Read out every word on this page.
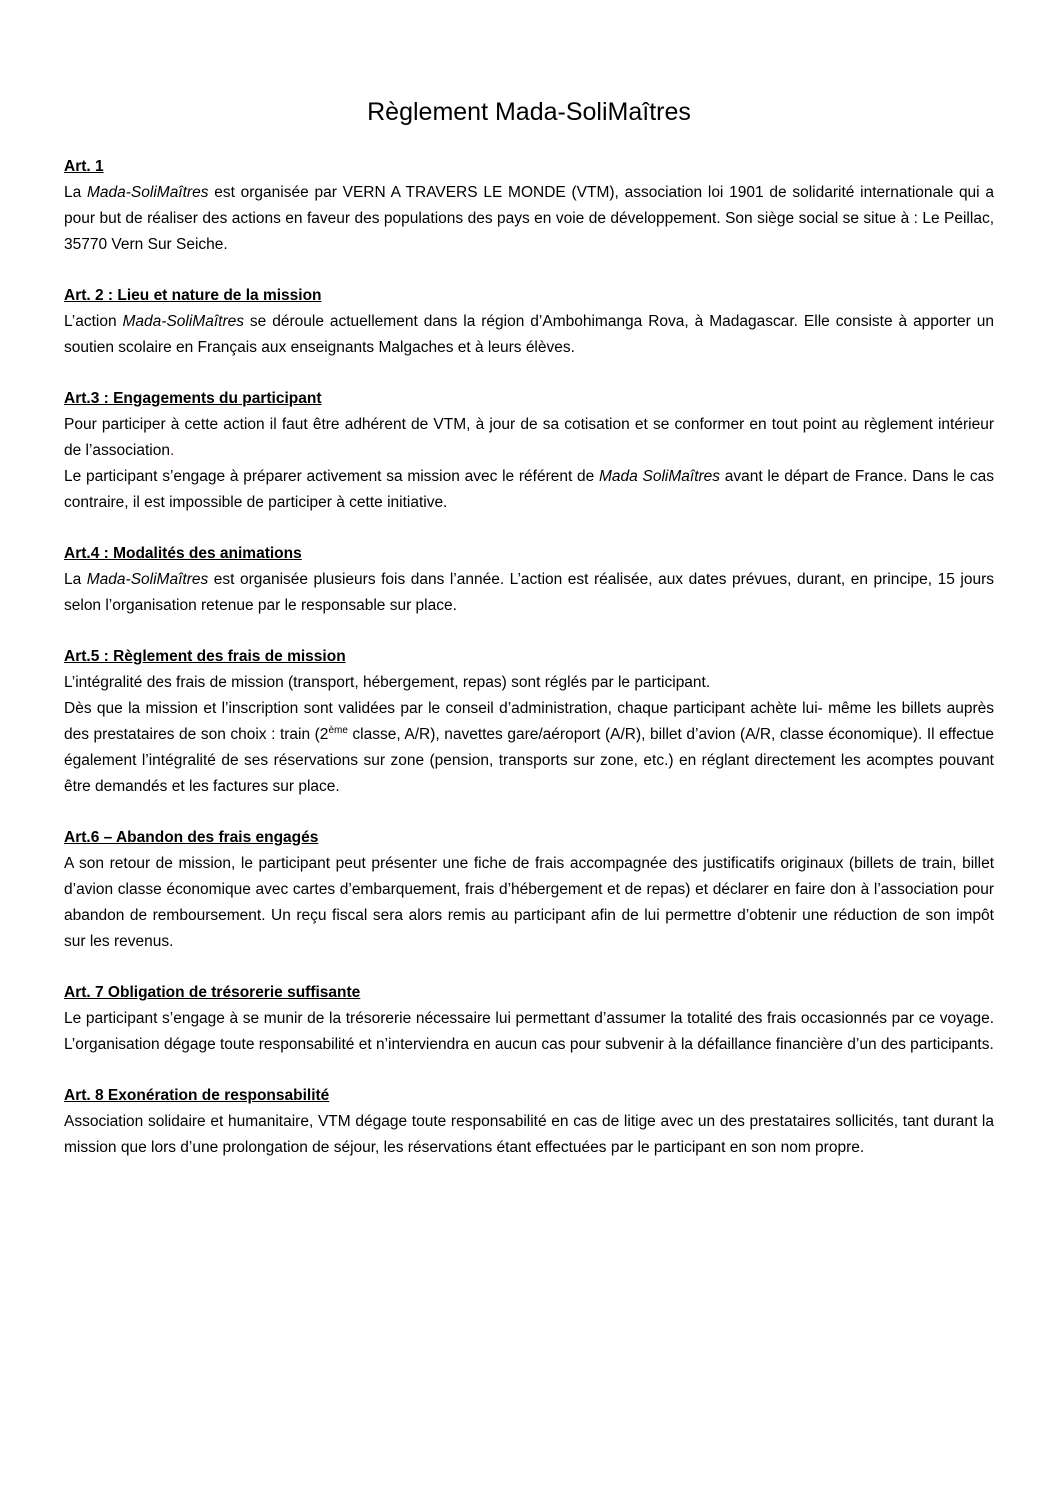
Règlement Mada-SoliMaîtres

Art. 1

La Mada-SoliMaîtres est organisée par VERN A TRAVERS LE MONDE (VTM), association loi 1901 de solidarité internationale qui a pour but de réaliser des actions en faveur des populations des pays en voie de développement. Son siège social se situe à : Le Peillac, 35770 Vern Sur Seiche.

Art. 2 : Lieu et nature de la mission

L’action Mada-SoliMaîtres se déroule actuellement dans la région d’Ambohimanga Rova, à Madagascar. Elle consiste à apporter un soutien scolaire en Français aux enseignants Malgaches et à leurs élèves.

Art.3 : Engagements du participant

Pour participer à cette action il faut être adhérent de VTM, à jour de sa cotisation et se conformer en tout point au règlement intérieur de l’association.

Le participant s’engage à préparer activement sa mission avec le référent de Mada SoliMaîtres avant le départ de France. Dans le cas contraire, il est impossible de participer à cette initiative.

Art.4 : Modalités des animations

La Mada-SoliMaîtres est organisée plusieurs fois dans l’année. L’action est réalisée, aux dates prévues, durant, en principe, 15 jours selon l’organisation retenue par le responsable sur place.

Art.5 : Règlement des frais de mission

L’intégralité des frais de mission (transport, hébergement, repas) sont réglés par le participant.

Dès que la mission et l’inscription sont validées par le conseil d’administration, chaque participant achète lui- même les billets auprès des prestataires de son choix : train (2ème classe, A/R), navettes gare/aéroport (A/R), billet d’avion (A/R, classe économique). Il effectue également l’intégralité de ses réservations sur zone (pension, transports sur zone, etc.) en réglant directement les acomptes pouvant être demandés et les factures sur place.

Art.6 – Abandon des frais engagés

A son retour de mission, le participant peut présenter une fiche de frais accompagnée des justificatifs originaux (billets de train, billet d’avion classe économique avec cartes d’embarquement, frais d’hébergement et de repas) et déclarer en faire don à l’association pour abandon de remboursement. Un reçu fiscal sera alors remis au participant afin de lui permettre d’obtenir une réduction de son impôt sur les revenus.

Art. 7 Obligation de trésorerie suffisante

Le participant s’engage à se munir de la trésorerie nécessaire lui permettant d’assumer la totalité des frais occasionnés par ce voyage. L’organisation dégage toute responsabilité et n’interviendra en aucun cas pour subvenir à la défaillance financière d’un des participants.

Art. 8 Exonération de responsabilité

Association solidaire et humanitaire, VTM dégage toute responsabilité en cas de litige avec un des prestataires sollicités, tant durant la mission que lors d’une prolongation de séjour, les réservations étant effectuées par le participant en son nom propre.
